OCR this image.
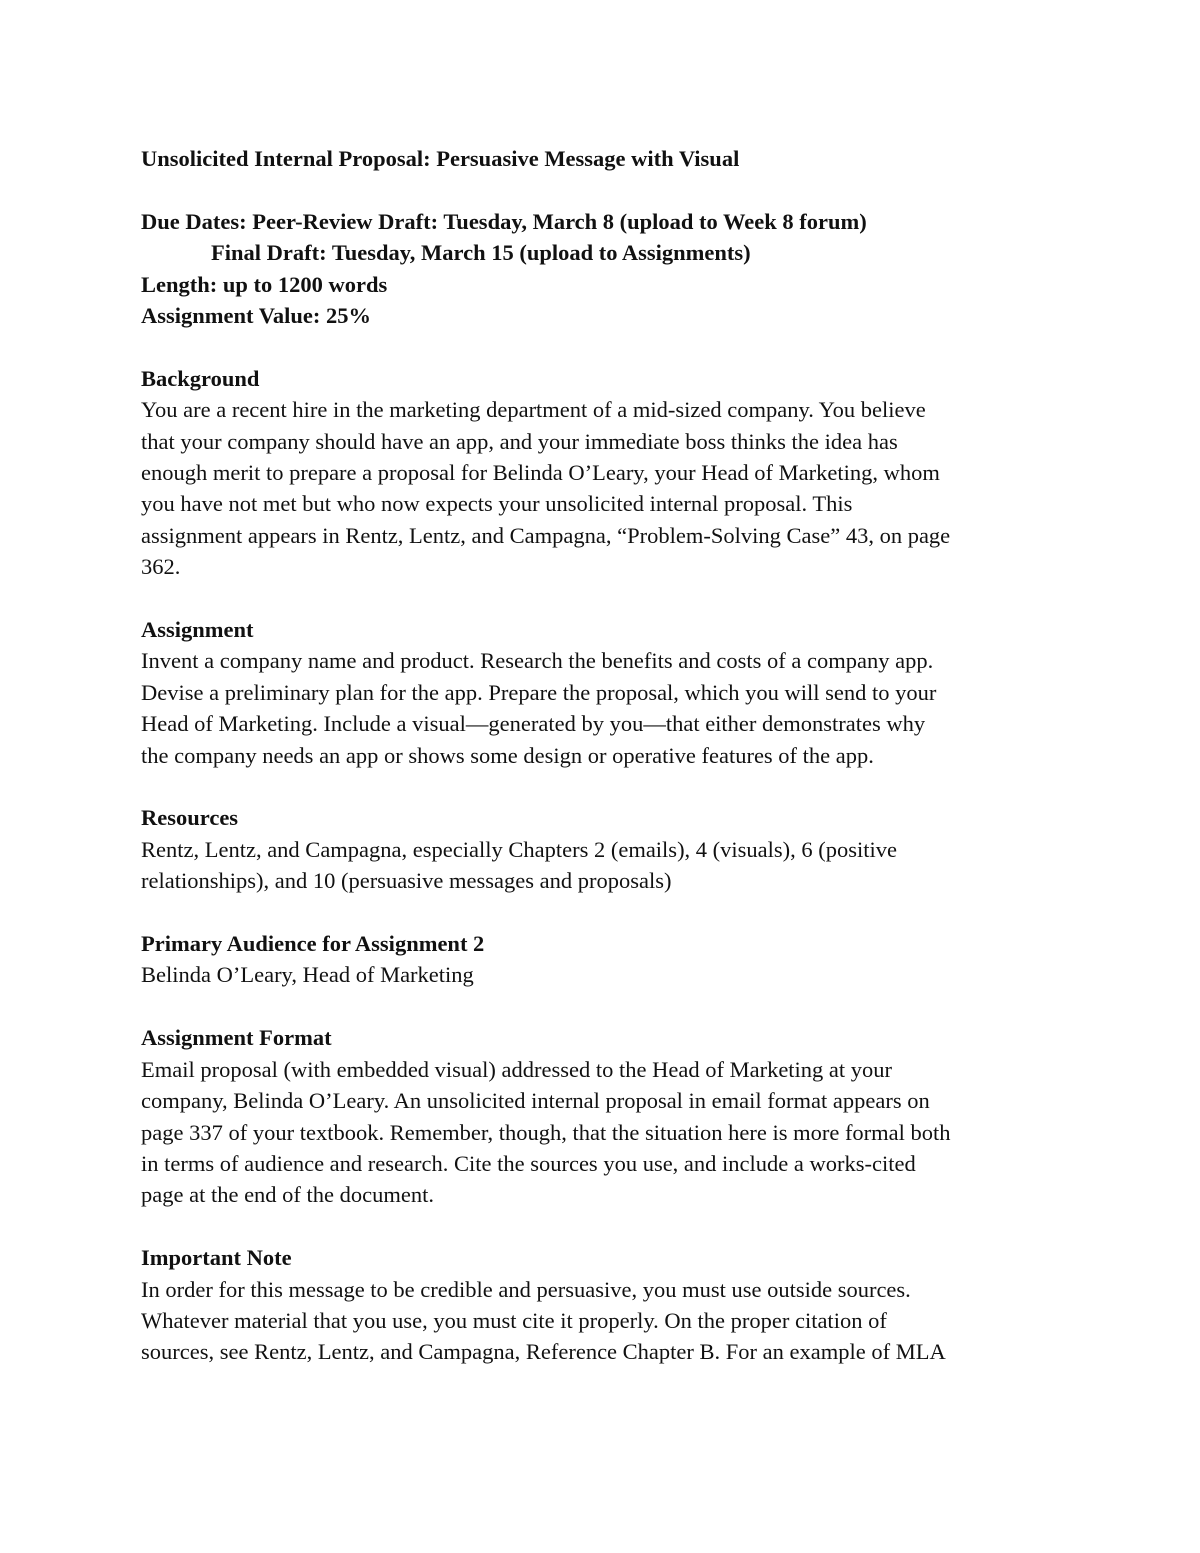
Unsolicited Internal Proposal: Persuasive Message with Visual
Due Dates: Peer-Review Draft: Tuesday, March 8 (upload to Week 8 forum)
Final Draft: Tuesday, March 15 (upload to Assignments)
Length: up to 1200 words
Assignment Value: 25%
Background
You are a recent hire in the marketing department of a mid-sized company. You believe
that your company should have an app, and your immediate boss thinks the idea has
enough merit to prepare a proposal for Belinda O’Leary, your Head of Marketing, whom
you have not met but who now expects your unsolicited internal proposal. This
assignment appears in Rentz, Lentz, and Campagna, “Problem-Solving Case” 43, on page
362.
Assignment
Invent a company name and product. Research the benefits and costs of a company app.
Devise a preliminary plan for the app. Prepare the proposal, which you will send to your
Head of Marketing. Include a visual—generated by you—that either demonstrates why
the company needs an app or shows some design or operative features of the app.
Resources
Rentz, Lentz, and Campagna, especially Chapters 2 (emails), 4 (visuals), 6 (positive
relationships), and 10 (persuasive messages and proposals)
Primary Audience for Assignment 2
Belinda O’Leary, Head of Marketing
Assignment Format
Email proposal (with embedded visual) addressed to the Head of Marketing at your
company, Belinda O’Leary. An unsolicited internal proposal in email format appears on
page 337 of your textbook. Remember, though, that the situation here is more formal both
in terms of audience and research. Cite the sources you use, and include a works-cited
page at the end of the document.
Important Note
In order for this message to be credible and persuasive, you must use outside sources.
Whatever material that you use, you must cite it properly. On the proper citation of
sources, see Rentz, Lentz, and Campagna, Reference Chapter B. For an example of MLA
